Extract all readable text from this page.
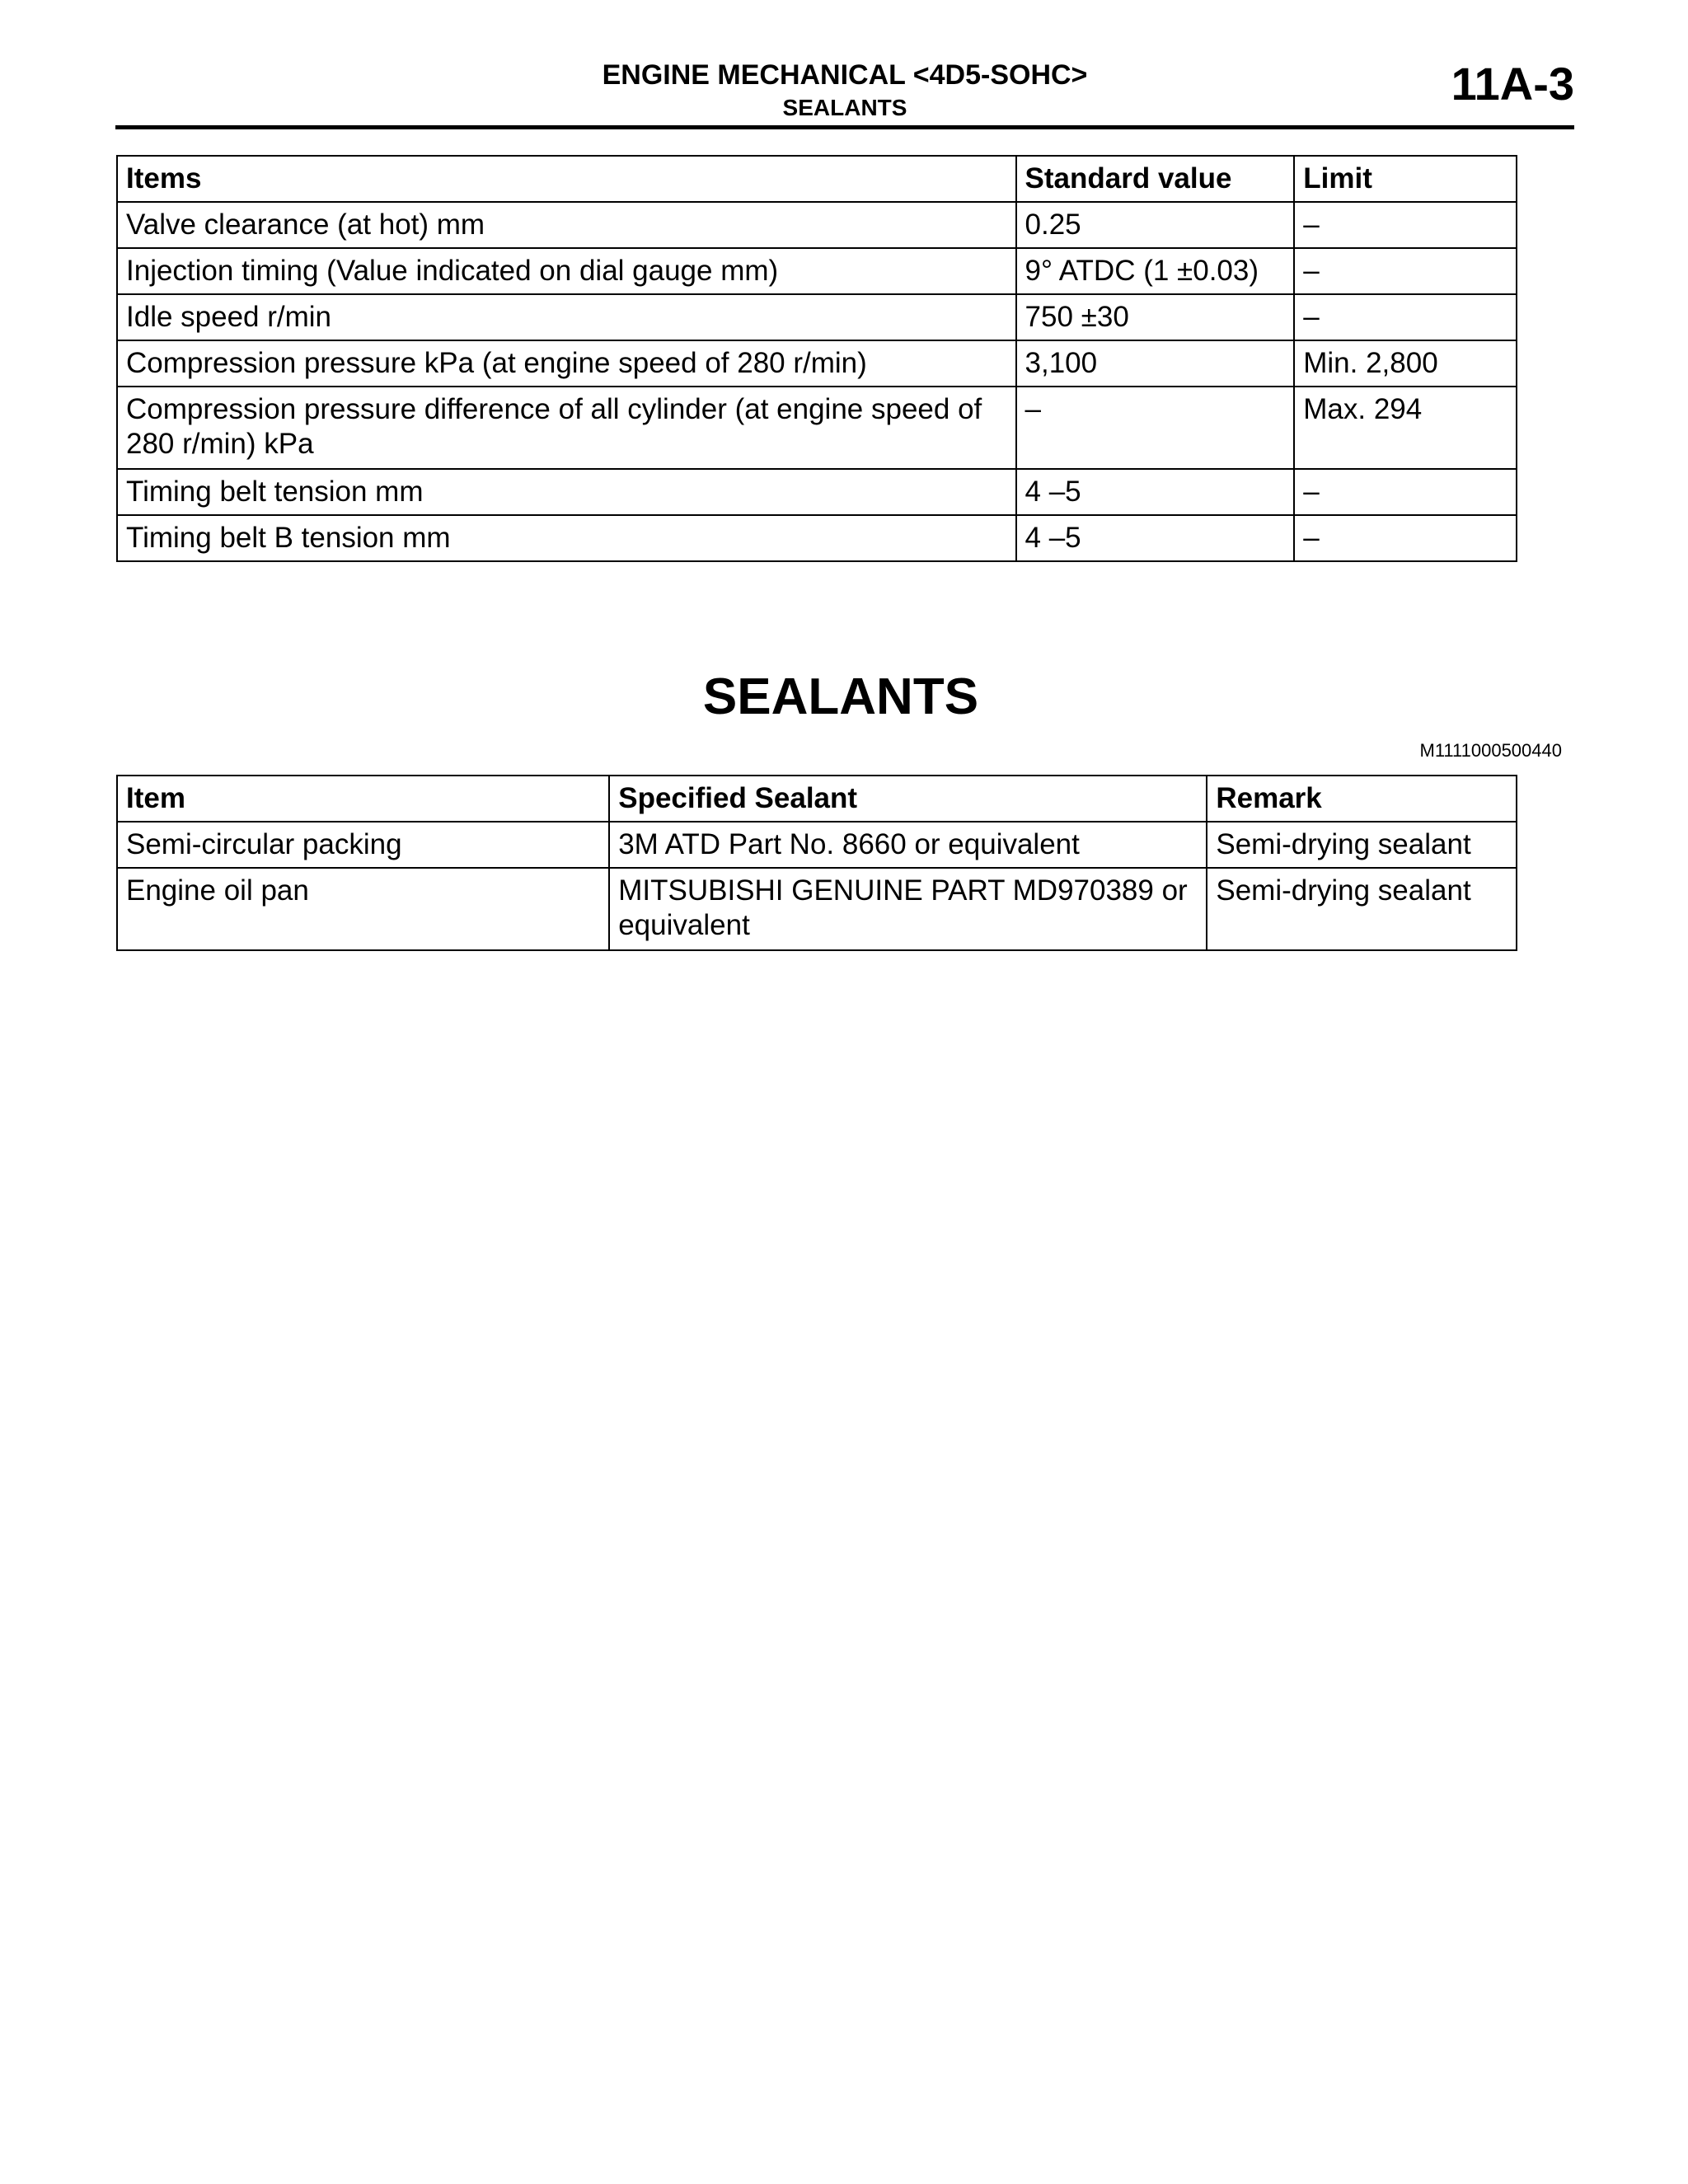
ENGINE MECHANICAL <4D5-SOHC>
SEALANTS	11A-3
Items	Standard value	Limit
Valve clearance (at hot) mm	0.25	–
Injection timing (Value indicated on dial gauge mm)	9° ATDC (1 ±0.03)	–
Idle speed r/min	750 ±30	–
Compression pressure kPa (at engine speed of 280 r/min)	3,100	Min. 2,800
Compression pressure difference of all cylinder (at engine speed of 280 r/min) kPa	–	Max. 294
Timing belt tension mm	4 –5	–
Timing belt B tension mm	4 –5	–
SEALANTS
M1111000500440
Item	Specified Sealant	Remark
Semi-circular packing	3M ATD Part No. 8660 or equivalent	Semi-drying sealant
Engine oil pan	MITSUBISHI GENUINE PART MD970389 or equivalent	Semi-drying sealant
